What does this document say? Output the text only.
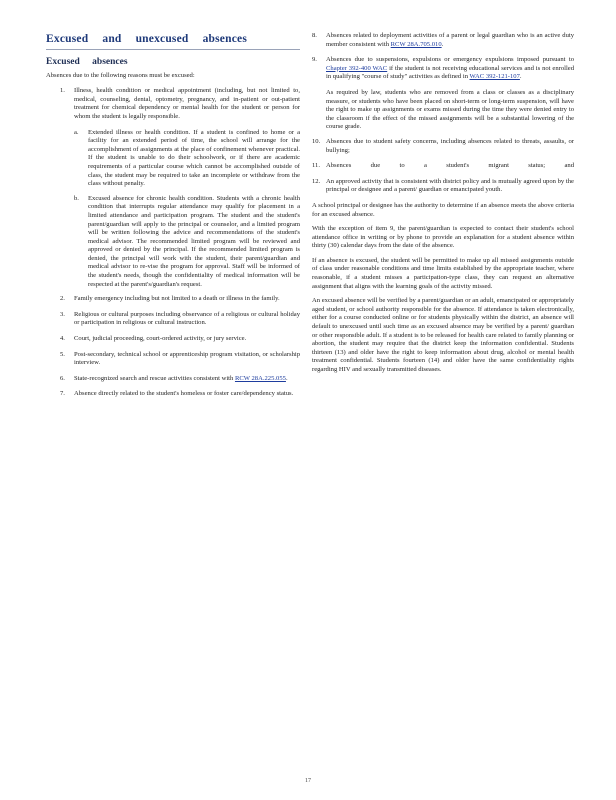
Excused and unexcused absences
Excused absences

Absences due to the following reasons must be excused:

1.	Illness, health condition or medical appointment (including, but not limited to, medical, counseling, dental, optometry, pregnancy, and in-patient or out-patient treatment for chemical dependency or mental health for the student or person for whom the student is legally responsible.
a.	Extended illness or health condition. If a student is confined to home or a facility for an extended period of time, the school will arrange for the accomplishment of assignments at the place of confinement whenever practical. If the student is unable to do their schoolwork, or if there are academic requirements of a particular course which cannot be accomplished outside of class, the student may be required to take an incomplete or withdraw from the class without penalty.
b.	Excused absence for chronic health condition. Students with a chronic health condition that interrupts regular attendance may qualify for placement in a limited attendance and participation program. The student and the student's parent/guardian will apply to the principal or counselor, and a limited program will be written following the advice and recommendations of the student's medical advisor. The recommended limited program will be reviewed and approved or denied by the principal. If the recommended limited program is denied, the principal will work with the student, their parent/guardian and medical advisor to re-vise the program for approval. Staff will be informed of the student's needs, though the confidentiality of medical information will be respected at the parent's/guardian's request.
2.	Family emergency including but not limited to a death or illness in the family.
3.	Religious or cultural purposes including observance of a religious or cultural holiday or participation in religious or cultural instruction.
4.	Court, judicial proceeding, court-ordered activity, or jury service.
5.	Post-secondary, technical school or apprenticeship program visitation, or scholarship interview.
6.	State-recognized search and rescue activities consistent with RCW 28A.225.055.
7.	Absence directly related to the student's homeless or foster care/dependency status.
8.	Absences related to deployment activities of a parent or legal guardian who is an active duty member consistent with RCW 28A.705.010.
9.	Absences due to suspensions, expulsions or emergency expulsions imposed pursuant to Chapter 392-400 WAC if the student is not receiving educational services and is not enrolled in qualifying "course of study" activities as defined in WAC 392-121-107.

As required by law, students who are removed from a class or classes as a disciplinary measure, or students who have been placed on short-term or long-term suspension, will have the right to make up assignments or exams missed during the time they were denied entry to the classroom if the effect of the missed assignments will be a substantial lowering of the course grade.

10. Absences due to student safety concerns, including absences related to threats, assaults, or bullying;
11. Absences due to a student's migrant status; and
12. An approved activity that is consistent with district policy and is mutually agreed upon by the principal or designee and a parent/ guardian or emancipated youth.

A school principal or designee has the authority to determine if an absence meets the above criteria for an excused absence.

With the exception of item 9, the parent/guardian is expected to contact their student's school attendance office in writing or by phone to provide an explanation for a student absence within thirty (30) calendar days from the date of the absence.

If an absence is excused, the student will be permitted to make up all missed assignments outside of class under reasonable conditions and time limits established by the appropriate teacher, where reasonable, if a student misses a participation-type class, they can request an alternative assignment that aligns with the learning goals of the activity missed.

An excused absence will be verified by a parent/guardian or an adult, emancipated or appropriately aged student, or school authority responsible for the absence. If attendance is taken electronically, either for a course conducted online or for students physically within the district, an absence will default to unexcused until such time as an excused absence may be verified by a parent/ guardian or other responsible adult. If a student is to be released for health care related to family planning or abortion, the student may require that the district keep the information confidential. Students thirteen (13) and older have the right to keep information about drug, alcohol or mental health treatment confidential. Students fourteen (14) and older have the same confidentiality rights regarding HIV and sexually transmitted diseases.

17
